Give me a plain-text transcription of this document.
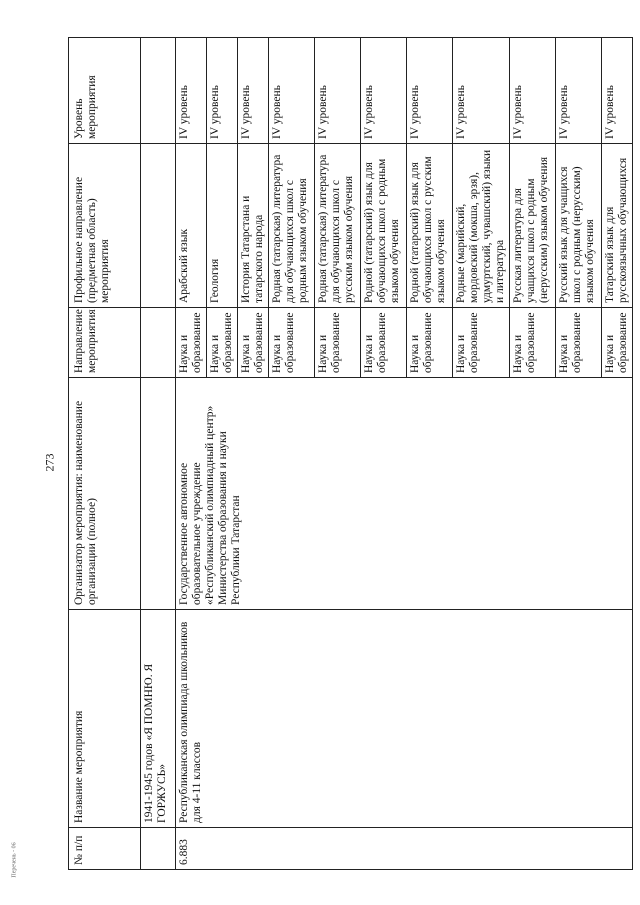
273
Перечень - 06	№ п/п	Название мероприятия	Организатор мероприятия: наименование организации (полное)	Направление мероприятия	Профильное направление (предметная область) мероприятия	Уровень мероприятия
	1941-1945 годов «Я ПОМНЮ. Я ГОРЖУСЬ»				
6.883	Республиканская олимпиада школьников для 4-11 классов	Государственное автономное образовательное учреждение «Республиканский олимпиадный центр» Министерства образования и науки Республики Татарстан	Наука и образование	Арабский язык	IV уровень
			Наука и образование	Геология	IV уровень
			Наука и образование	История Татарстана и татарского народа	IV уровень
			Наука и образование	Родная (татарская) литература для обучающихся школ с родным языком обучения	IV уровень
			Наука и образование	Родная (татарская) литература для обучающихся школ с русским языком обучения	IV уровень
			Наука и образование	Родной (татарский) язык для обучающихся школ с родным языком обучения	IV уровень
			Наука и образование	Родной (татарский) язык для обучающихся школ с русским языком обучения	IV уровень
			Наука и образование	Родные (марийский, мордовский (мокша, эрзя), удмуртский, чувашский) языки и литература	IV уровень
			Наука и образование	Русская литература для учащихся школ с родным (нерусским) языком обучения	IV уровень
			Наука и образование	Русский язык для учащихся школ с родным (нерусским) языком обучения	IV уровень
			Наука и образование	Татарский язык для русскоязычных обучающихся	IV уровень
